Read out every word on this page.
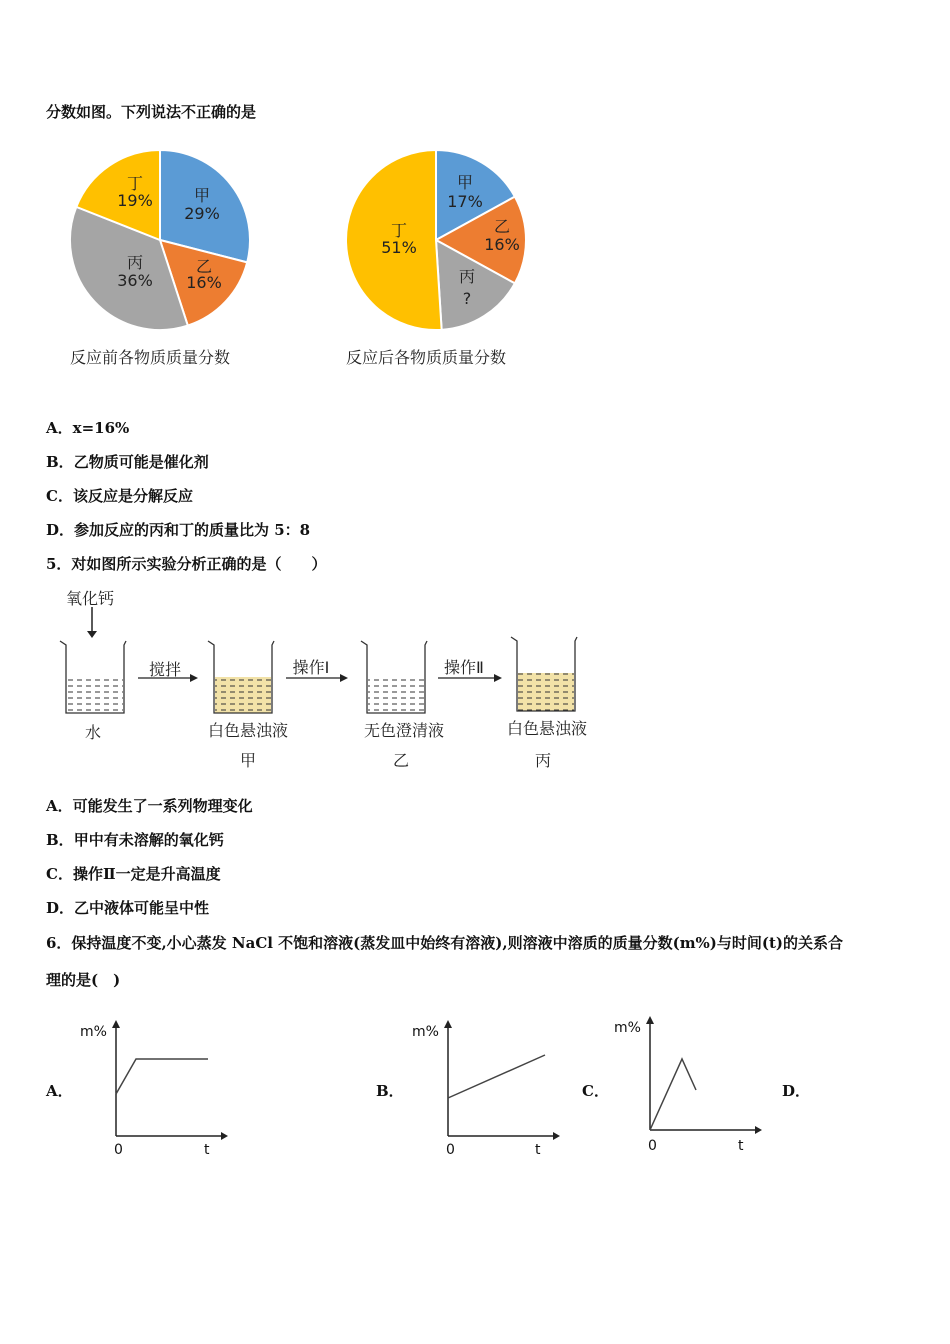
分数如图。下列说法不正确的是
甲
29%
乙
16%
丙
36%
丁
19%
反应前各物质质量分数
甲
17%
乙
16%
丙
?
丁
51%
反应后各物质质量分数
A．x=16%
B．乙物质可能是催化剂
C．该反应是分解反应
D．参加反应的丙和丁的质量比为 5：8
5．对如图所示实验分析正确的是（　　）
氧化钙
搅拌	操作Ⅰ	操作Ⅱ
水	白色悬浊液
甲
无色澄清液
乙
白色悬浊液
丙
A．可能发生了一系列物理变化
B．甲中有未溶解的氧化钙
C．操作Ⅱ一定是升高温度
D．乙中液体可能呈中性
6．保持温度不变,小心蒸发 NaCl 不饱和溶液(蒸发皿中始终有溶液),则溶液中溶质的质量分数(m%)与时间(t)的关系合
理的是(　)
A．
m%
0	t
B．
m%
0	t
C．
m%
0	t
D．
